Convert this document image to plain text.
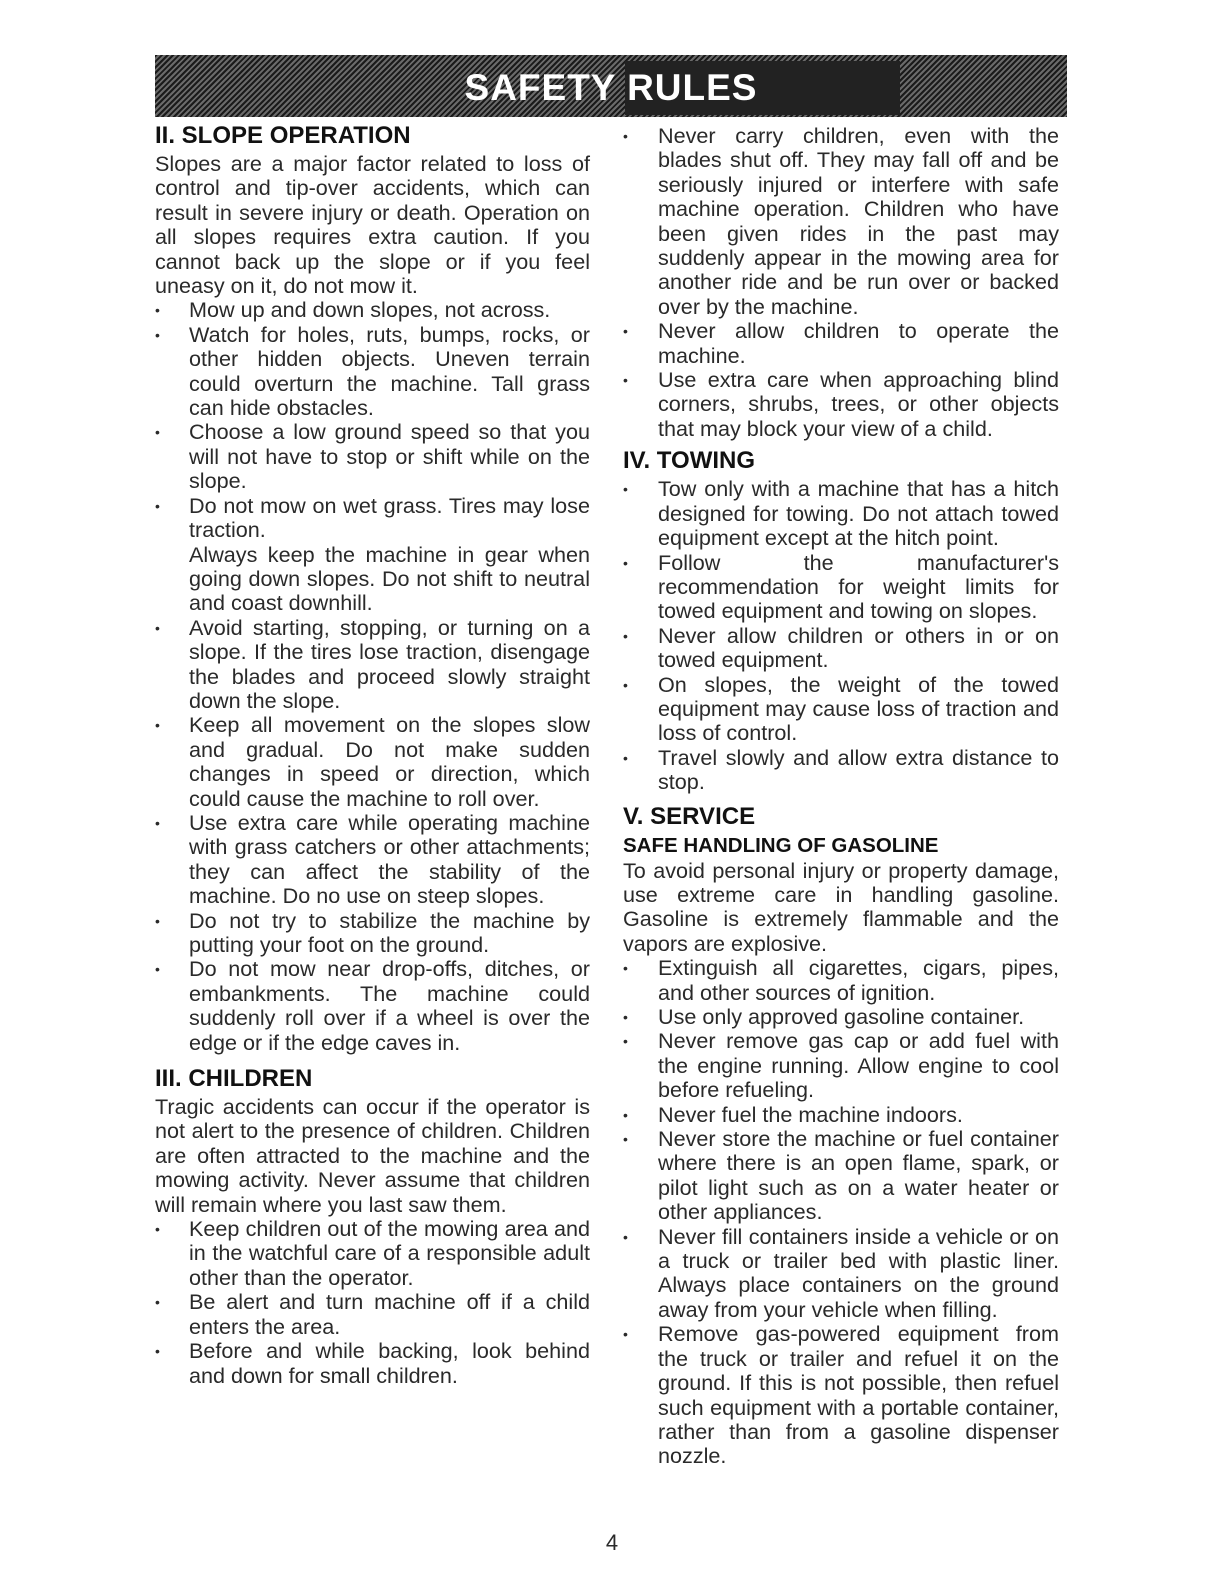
SAFETY RULES
II. SLOPE OPERATION

Slopes are a major factor related to loss of control and tip-over accidents, which can result in severe injury or death. Operation on all slopes requires extra caution. If you cannot back up the slope or if you feel uneasy on it, do not mow it.

• Mow up and down slopes, not across.
• Watch for holes, ruts, bumps, rocks, or other hidden objects. Uneven terrain could overturn the machine. Tall grass can hide obstacles.
• Choose a low ground speed so that you will not have to stop or shift while on the slope.
• Do not mow on wet grass. Tires may lose traction.

Always keep the machine in gear when going down slopes. Do not shift to neutral and coast downhill.

• Avoid starting, stopping, or turning on a slope. If the tires lose traction, disengage the blades and proceed slowly straight down the slope.
• Keep all movement on the slopes slow and gradual. Do not make sudden changes in speed or direction, which could cause the machine to roll over.
• Use extra care while operating machine with grass catchers or other attachments; they can affect the stability of the machine. Do no use on steep slopes.
• Do not try to stabilize the machine by putting your foot on the ground.
• Do not mow near drop-offs, ditches, or embankments. The machine could suddenly roll over if a wheel is over the edge or if the edge caves in.
III. CHILDREN

Tragic accidents can occur if the operator is not alert to the presence of children. Children are often attracted to the machine and the mowing activity. Never assume that children will remain where you last saw them.

• Keep children out of the mowing area and in the watchful care of a responsible adult other than the operator.
• Be alert and turn machine off if a child enters the area.
• Before and while backing, look behind and down for small children.
• Never carry children, even with the blades shut off. They may fall off and be seriously injured or interfere with safe machine operation. Children who have been given rides in the past may suddenly appear in the mowing area for another ride and be run over or backed over by the machine.
• Never allow children to operate the machine.
• Use extra care when approaching blind corners, shrubs, trees, or other objects that may block your view of a child.
IV. TOWING
• Tow only with a machine that has a hitch designed for towing. Do not attach towed equipment except at the hitch point.
• Follow the manufacturer's recommendation for weight limits for towed equipment and towing on slopes.
• Never allow children or others in or on towed equipment.
• On slopes, the weight of the towed equipment may cause loss of traction and loss of control.
• Travel slowly and allow extra distance to stop.
V. SERVICE
SAFE HANDLING OF GASOLINE

To avoid personal injury or property damage, use extreme care in handling gasoline. Gasoline is extremely flammable and the vapors are explosive.

• Extinguish all cigarettes, cigars, pipes, and other sources of ignition.
• Use only approved gasoline container.
• Never remove gas cap or add fuel with the engine running. Allow engine to cool before refueling.
• Never fuel the machine indoors.
• Never store the machine or fuel container where there is an open flame, spark, or pilot light such as on a water heater or other appliances.
• Never fill containers inside a vehicle or on a truck or trailer bed with plastic liner. Always place containers on the ground away from your vehicle when filling.
• Remove gas-powered equipment from the truck or trailer and refuel it on the ground. If this is not possible, then refuel such equipment with a portable container, rather than from a gasoline dispenser nozzle.
4
